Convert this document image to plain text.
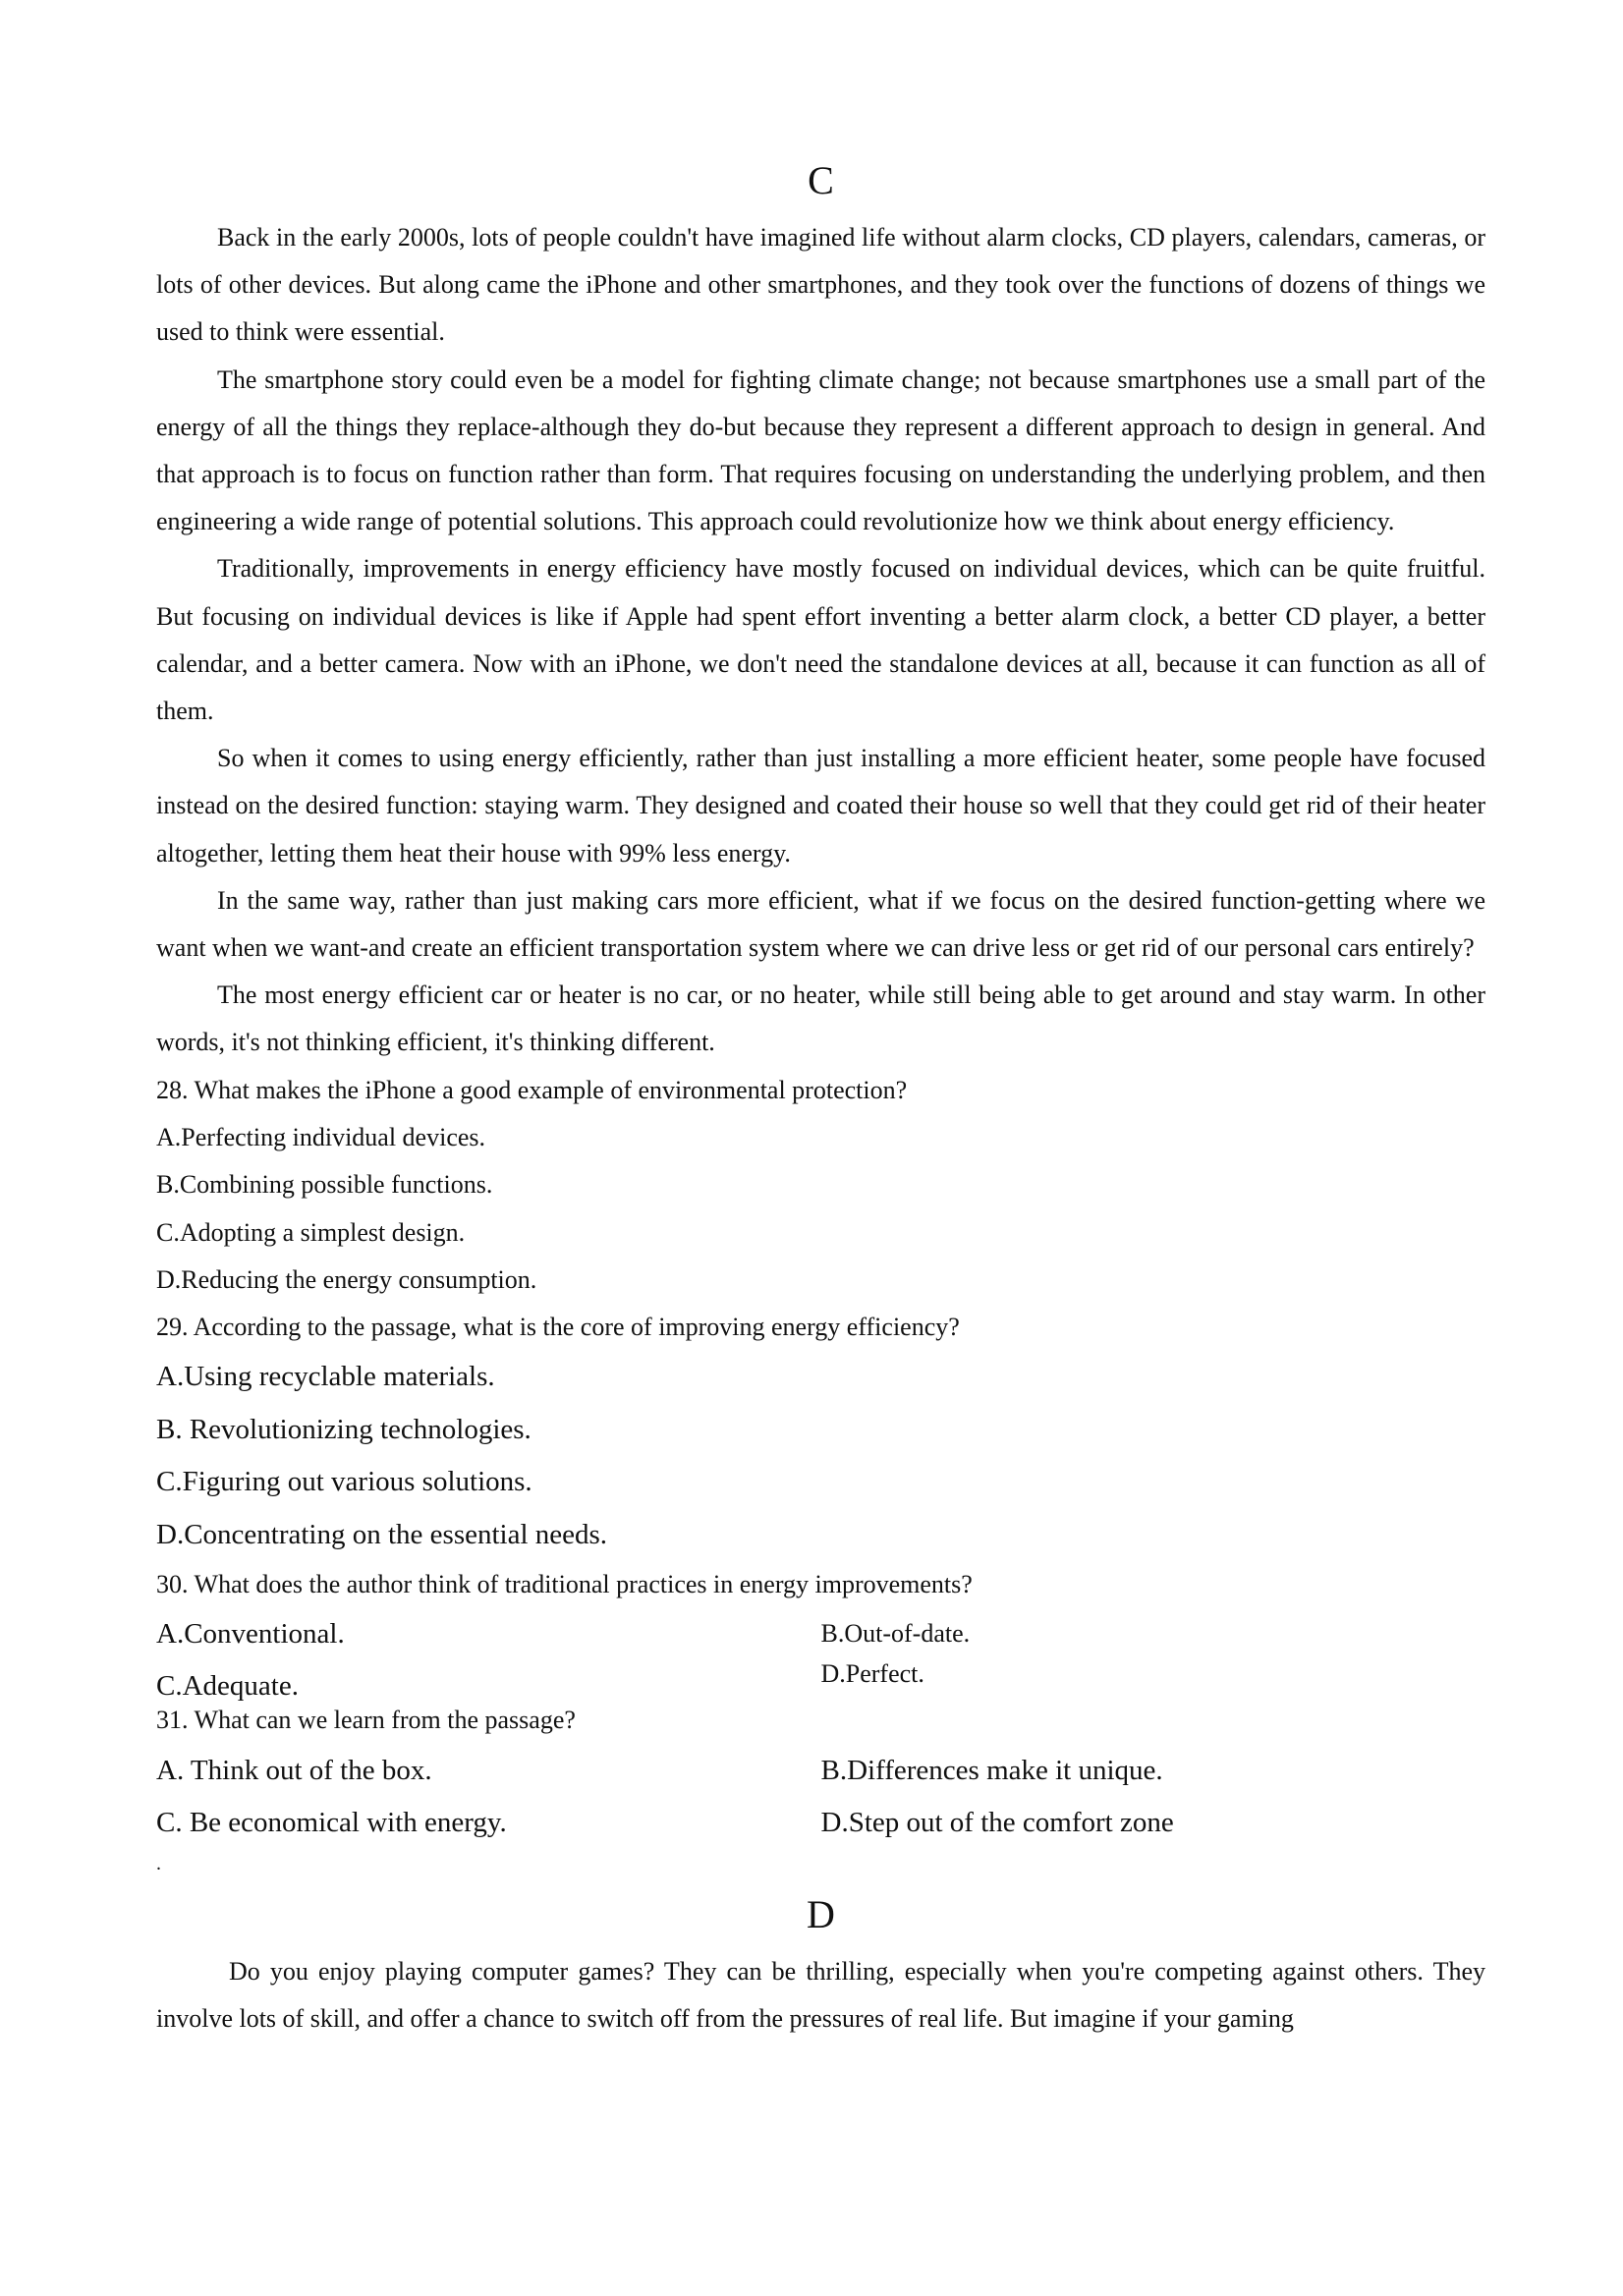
C

Back in the early 2000s, lots of people couldn't have imagined life without alarm clocks, CD players, calendars, cameras, or lots of other devices. But along came the iPhone and other smartphones, and they took over the functions of dozens of things we used to think were essential.

The smartphone story could even be a model for fighting climate change; not because smartphones use a small part of the energy of all the things they replace-although they do-but because they represent a different approach to design in general. And that approach is to focus on function rather than form. That requires focusing on understanding the underlying problem, and then engineering a wide range of potential solutions. This approach could revolutionize how we think about energy efficiency.

Traditionally, improvements in energy efficiency have mostly focused on individual devices, which can be quite fruitful. But focusing on individual devices is like if Apple had spent effort inventing a better alarm clock, a better CD player, a better calendar, and a better camera. Now with an iPhone, we don't need the standalone devices at all, because it can function as all of them.

So when it comes to using energy efficiently, rather than just installing a more efficient heater, some people have focused instead on the desired function: staying warm. They designed and coated their house so well that they could get rid of their heater altogether, letting them heat their house with 99% less energy.

In the same way, rather than just making cars more efficient, what if we focus on the desired function-getting where we want when we want-and create an efficient transportation system where we can drive less or get rid of our personal cars entirely?

The most energy efficient car or heater is no car, or no heater, while still being able to get around and stay warm. In other words, it's not thinking efficient, it's thinking different.

28. What makes the iPhone a good example of environmental protection?

A.Perfecting individual devices.

B.Combining possible functions.

C.Adopting a simplest design.

D.Reducing the energy consumption.

29. According to the passage, what is the core of improving energy efficiency?

A.Using recyclable materials.

B. Revolutionizing technologies.

C.Figuring out various solutions.

D.Concentrating on the essential needs.

30. What does the author think of traditional practices in energy improvements?

A.Conventional.	B.Out-of-date.
C.Adequate.	D.Perfect.

31. What can we learn from the passage?

A. Think out of the box.	B.Differences make it unique.
C. Be economical with energy.	D.Step out of the comfort zone

.

D

Do you enjoy playing computer games? They can be thrilling, especially when you're competing against others. They involve lots of skill, and offer a chance to switch off from the pressures of real life. But imagine if your gaming
